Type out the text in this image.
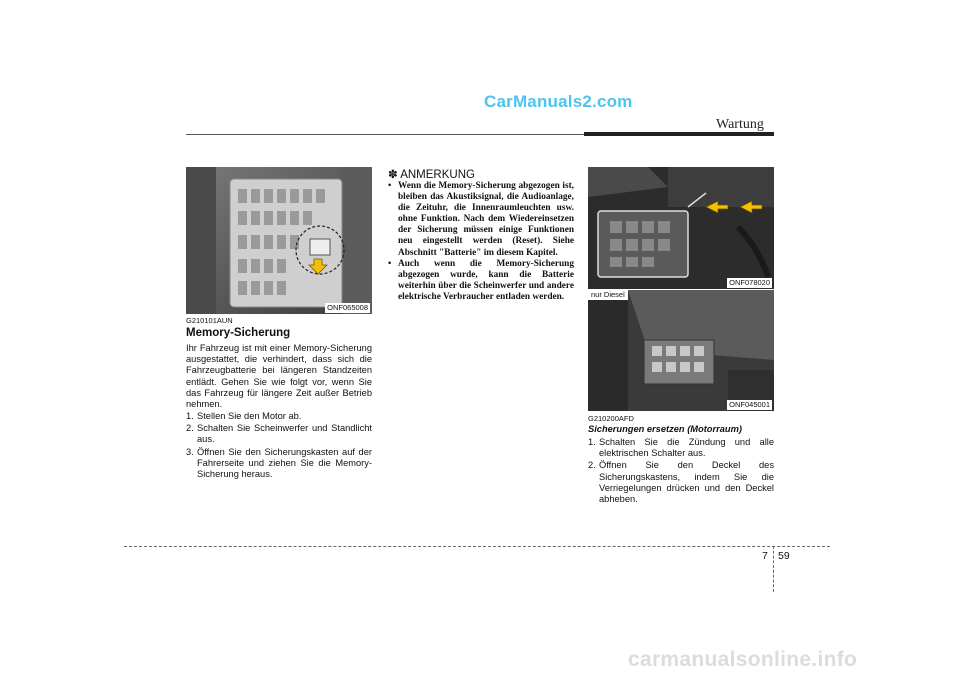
CarManuals2.com
Wartung
ONF065008
G210101AUN
Memory-Sicherung
Ihr Fahrzeug ist mit einer Memory-Sicherung ausgestattet, die verhindert, dass sich die Fahrzeugbatterie bei längeren Standzeiten entlädt. Gehen Sie wie folgt vor, wenn Sie das Fahrzeug für längere Zeit außer Betrieb nehmen.
1. Stellen Sie den Motor ab.
2. Schalten Sie Scheinwerfer und Standlicht aus.
3. Öffnen Sie den Sicherungskasten auf der Fahrerseite und ziehen Sie die Memory-Sicherung heraus.
✽ ANMERKUNG
• Wenn die Memory-Sicherung abgezogen ist, bleiben das Akustiksignal, die Audioanlage, die Zeituhr, die Innenraumleuchten usw. ohne Funktion. Nach dem Wiedereinsetzen der Sicherung müssen einige Funktionen neu eingestellt werden (Reset). Siehe Abschnitt "Batterie" im diesem Kapitel.
• Auch wenn die Memory-Sicherung abgezogen wurde, kann die Batterie weiterhin über die Scheinwerfer und andere elektrische Verbraucher entladen werden.
ONF078020
nur Diesel
ONF045001
G210200AFD
Sicherungen ersetzen (Motorraum)
1. Schalten Sie die Zündung und alle elektrischen Schalter aus.
2. Öffnen Sie den Deckel des Sicherungskastens, indem Sie die Verriegelungen drücken und den Deckel abheben.
7 59
carmanualsonline.info
